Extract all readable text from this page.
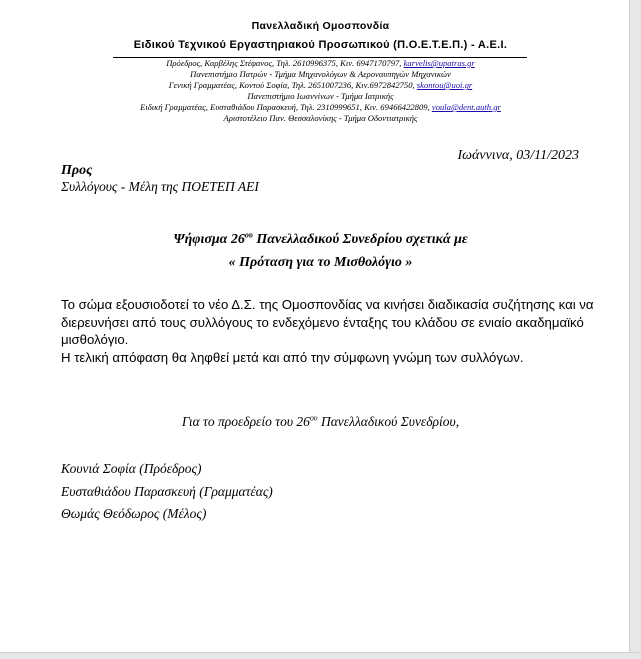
Πανελλαδική Ομοσπονδία
Ειδικού Τεχνικού Εργαστηριακού Προσωπικού (Π.Ο.Ε.Τ.Ε.Π.) - Α.Ε.Ι.
Πρόεδρος, Καρβέλης Στέφανος, Τηλ. 2610996375, Κιν. 6947170797, karvelis@upatras.gr
Πανεπιστήμιο Πατρών - Τμήμα Μηχανολόγων & Αεροναυπηγών Μηχανικών
Γενική Γραμματέας, Κοντού Σοφία, Τηλ. 2651007236, Κιν.6972842750, skontou@uoi.gr
Πανεπιστήμιο Ιωαννίνων - Τμήμα Ιατρικής
Ειδική Γραμματέας, Ευσταθιάδου Παρασκευή, Τηλ. 2310999651, Κιν. 69466422809, voula@dent.auth.gr
Αριστοτέλειο Παν. Θεσσαλονίκης - Τμήμα Οδοντιατρικής
Ιωάννινα, 03/11/2023
Προς
Συλλόγους - Μέλη της ΠΟΕΤΕΠ ΑΕΙ
Ψήφισμα $26^{o\upsilon}$ Πανελλαδικού Συνεδρίου σχετικά με
« Πρόταση για το Μισθολόγιο »

Το σώμα εξουσιοδοτεί το νέο Δ.Σ. της Ομοσπονδίας να κινήσει διαδικασία συζήτησης και να διερευνήσει από τους συλλόγους το ενδεχόμενο ένταξης του κλάδου σε ενιαίο ακαδημαϊκό μισθολόγιο.

Η τελική απόφαση θα ληφθεί μετά και από την σύμφωνη γνώμη των συλλόγων.

Για το προεδρείο του $26^{o\upsilon}$ Πανελλαδικού Συνεδρίου,
Κουνιά Σοφία (Πρόεδρος)
Ευσταθιάδου Παρασκευή (Γραμματέας)
Θωμάς Θεόδωρος (Μέλος)
